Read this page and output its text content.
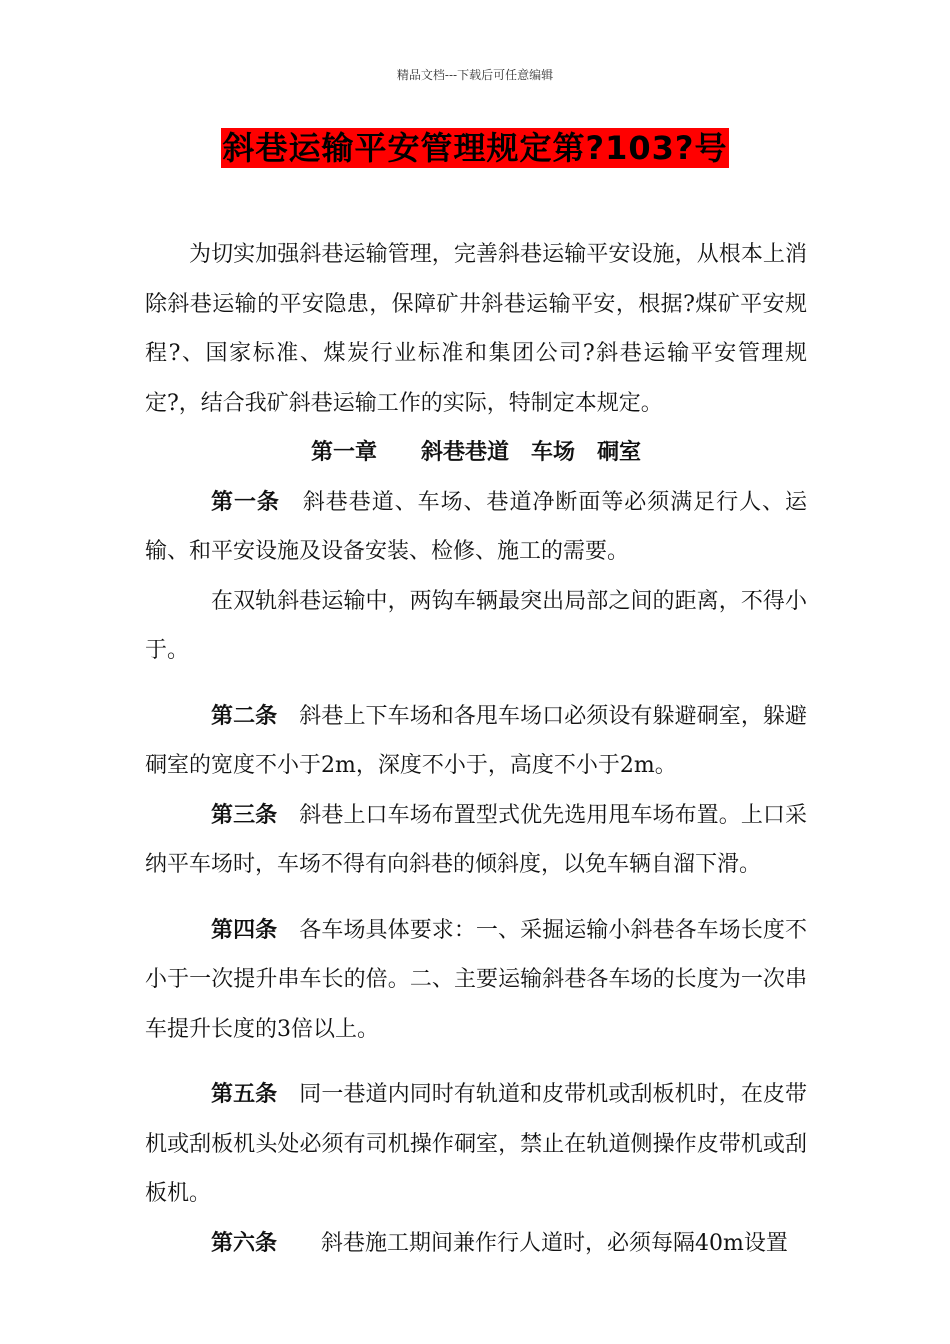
精品文档---下载后可任意编辑
斜巷运输平安管理规定第?103?号

为切实加强斜巷运输管理，完善斜巷运输平安设施，从根本上消除斜巷运输的平安隐患，保障矿井斜巷运输平安，根据?煤矿平安规程?、国家标准、煤炭行业标准和集团公司?斜巷运输平安管理规定?，结合我矿斜巷运输工作的实际，特制定本规定。

第一章　　斜巷巷道　车场　硐室

第一条　斜巷巷道、车场、巷道净断面等必须满足行人、运输、和平安设施及设备安装、检修、施工的需要。

在双轨斜巷运输中，两钩车辆最突出局部之间的距离，不得小于。

第二条　斜巷上下车场和各甩车场口必须设有躲避硐室，躲避硐室的宽度不小于2m，深度不小于，高度不小于2m。

第三条　斜巷上口车场布置型式优先选用甩车场布置。上口采纳平车场时，车场不得有向斜巷的倾斜度，以免车辆自溜下滑。

第四条　各车场具体要求：一、采掘运输小斜巷各车场长度不小于一次提升串车长的倍。二、主要运输斜巷各车场的长度为一次串车提升长度的3倍以上。

第五条　同一巷道内同时有轨道和皮带机或刮板机时，在皮带机或刮板机头处必须有司机操作硐室，禁止在轨道侧操作皮带机或刮板机。

第六条　　斜巷施工期间兼作行人道时，必须每隔40m设置
